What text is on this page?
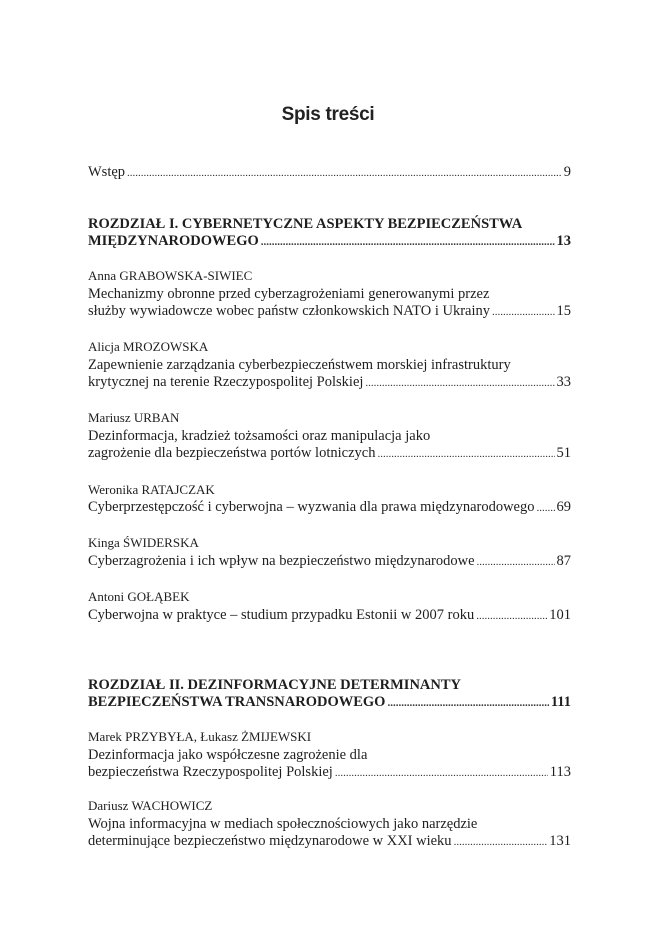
Spis treści
Wstęp .....	9
ROZDZIAŁ I. CYBERNETYCZNE ASPEKTY BEZPIECZEŃSTWA
MIĘDZYNARODOWEGO .....	13
Anna GRABOWSKA-SIWIEC
Mechanizmy obronne przed cyberzagrożeniami generowanymi przez
służby wywiadowcze wobec państw członkowskich NATO i Ukrainy .....	15
Alicja MROZOWSKA
Zapewnienie zarządzania cyberbezpieczeństwem morskiej infrastruktury
krytycznej na terenie Rzeczypospolitej Polskiej .....	33
Mariusz URBAN
Dezinformacja, kradzież tożsamości oraz manipulacja jako
zagrożenie dla bezpieczeństwa portów lotniczych .....	51
Weronika RATAJCZAK
Cyberprzestępczość i cyberwojna – wyzwania dla prawa międzynarodowego ..... 69
Kinga ŚWIDERSKA
Cyberzagrożenia i ich wpływ na bezpieczeństwo międzynarodowe .....	87
Antoni GOŁĄBEK
Cyberwojna w praktyce – studium przypadku Estonii w 2007 roku .....	101
ROZDZIAŁ II. DEZINFORMACYJNE DETERMINANTY
BEZPIECZEŃSTWA TRANSNARODOWEGO .....	111
Marek PRZYBYŁA, Łukasz ŻMIJEWSKI
Dezinformacja jako współczesne zagrożenie dla
bezpieczeństwa Rzeczypospolitej Polskiej .....	113
Dariusz WACHOWICZ
Wojna informacyjna w mediach społecznościowych jako narzędzie
determinujące bezpieczeństwo międzynarodowe w XXI wieku .....	131
